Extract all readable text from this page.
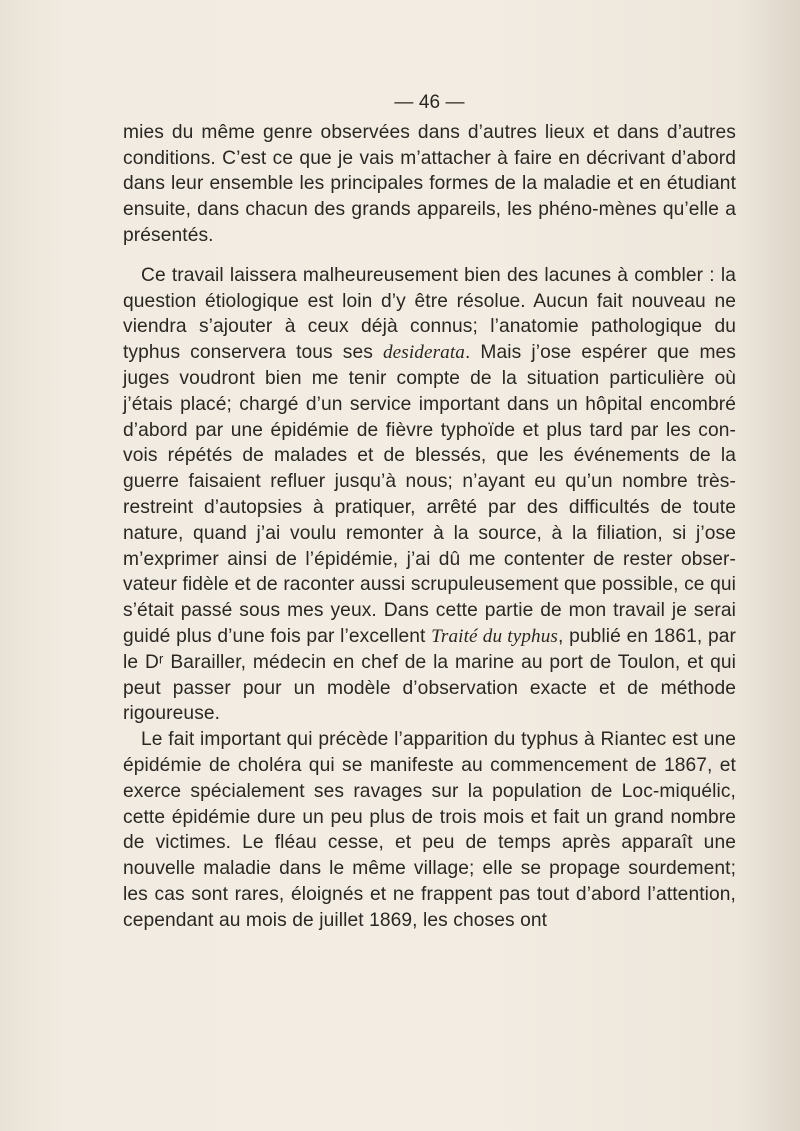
— 46 —

mies du même genre observées dans d’autres lieux et dans d’autres conditions. C’est ce que je vais m’attacher à faire en décrivant d’abord dans leur ensemble les principales formes de la maladie et en étudiant ensuite, dans chacun des grands appareils, les phéno-mènes qu’elle a présentés.

Ce travail laissera malheureusement bien des lacunes à combler : la question étiologique est loin d’y être résolue. Aucun fait nouveau ne viendra s’ajouter à ceux déjà connus; l’anatomie pathologique du typhus conservera tous ses desiderata. Mais j’ose espérer que mes juges voudront bien me tenir compte de la situation particulière où j’étais placé; chargé d’un service important dans un hôpital encombré d’abord par une épidémie de fièvre typhoïde et plus tard par les con-vois répétés de malades et de blessés, que les événements de la guerre faisaient refluer jusqu’à nous; n’ayant eu qu’un nombre très-restreint d’autopsies à pratiquer, arrêté par des difficultés de toute nature, quand j’ai voulu remonter à la source, à la filiation, si j’ose m’exprimer ainsi de l’épidémie, j’ai dû me contenter de rester obser-vateur fidèle et de raconter aussi scrupuleusement que possible, ce qui s’était passé sous mes yeux. Dans cette partie de mon travail je serai guidé plus d’une fois par l’excellent Traité du typhus, publié en 1861, par le Dʳ Barailler, médecin en chef de la marine au port de Toulon, et qui peut passer pour un modèle d’observation exacte et de méthode rigoureuse.

Le fait important qui précède l’apparition du typhus à Riantec est une épidémie de choléra qui se manifeste au commencement de 1867, et exerce spécialement ses ravages sur la population de Loc-miquélic, cette épidémie dure un peu plus de trois mois et fait un grand nombre de victimes. Le fléau cesse, et peu de temps après apparaît une nouvelle maladie dans le même village; elle se propage sourdement; les cas sont rares, éloignés et ne frappent pas tout d’abord l’attention, cependant au mois de juillet 1869, les choses ont
